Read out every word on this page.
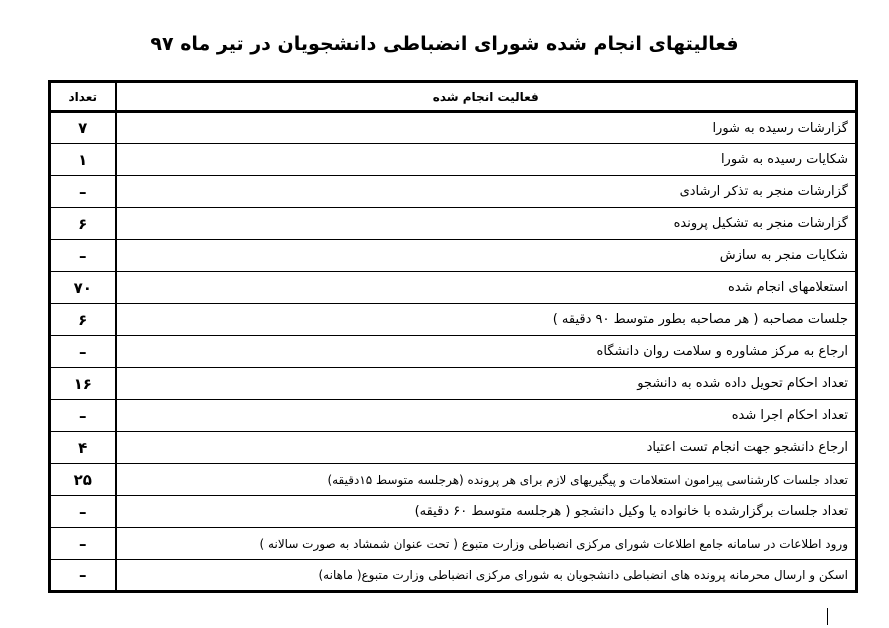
فعالیتهای انجام شده شورای انضباطی دانشجویان در تیر ماه ۹۷
تعداد	فعالیت انجام شده
۷	گزارشات رسیده به شورا
۱	شکایات رسیده به شورا
–	گزارشات منجر به تذکر ارشادی
۶	گزارشات منجر به تشکیل پرونده
–	شکایات منجر به سازش
۷۰	استعلامهای انجام شده
۶	جلسات مصاحبه ( هر مصاحبه بطور متوسط ۹۰ دقیقه )
–	ارجاع به مرکز مشاوره و سلامت روان دانشگاه
۱۶	تعداد احکام تحویل داده شده به دانشجو
–	تعداد احکام اجرا شده
۴	ارجاع دانشجو جهت انجام تست اعتیاد
۲۵	تعداد جلسات کارشناسی پیرامون استعلامات و پیگیریهای لازم برای هر پرونده (هرجلسه متوسط ۱۵دقیقه)
–	تعداد جلسات برگزارشده با خانواده یا وکیل دانشجو ( هرجلسه متوسط ۶۰ دقیقه)
–	ورود اطلاعات در سامانه جامع اطلاعات شورای مرکزی انضباطی وزارت متبوع ( تحت عنوان شمشاد به صورت سالانه )
–	اسکن و ارسال محرمانه پرونده های انضباطی دانشجویان به شورای مرکزی انضباطی وزارت متبوع( ماهانه)
